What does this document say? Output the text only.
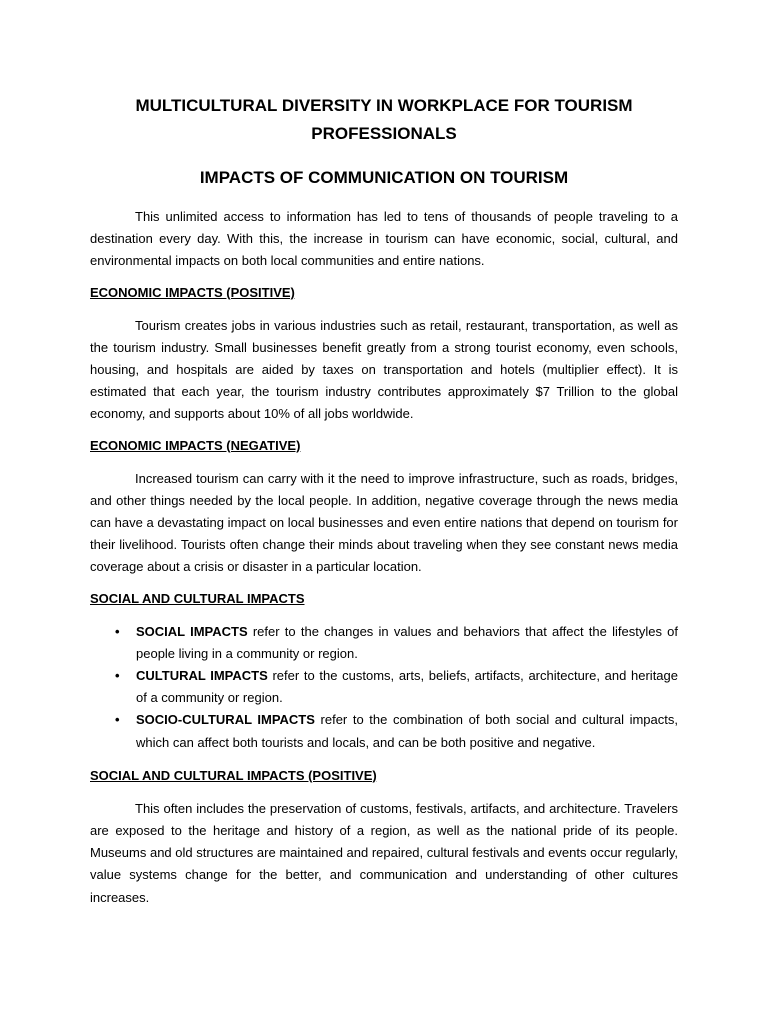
MULTICULTURAL DIVERSITY IN WORKPLACE FOR TOURISM
PROFESSIONALS
IMPACTS OF COMMUNICATION ON TOURISM

This unlimited access to information has led to tens of thousands of people traveling to a destination every day. With this, the increase in tourism can have economic, social, cultural, and environmental impacts on both local communities and entire nations.

ECONOMIC IMPACTS (POSITIVE)

Tourism creates jobs in various industries such as retail, restaurant, transportation, as well as the tourism industry. Small businesses benefit greatly from a strong tourist economy, even schools, housing, and hospitals are aided by taxes on transportation and hotels (multiplier effect). It is estimated that each year, the tourism industry contributes approximately $7 Trillion to the global economy, and supports about 10% of all jobs worldwide.

ECONOMIC IMPACTS (NEGATIVE)

Increased tourism can carry with it the need to improve infrastructure, such as roads, bridges, and other things needed by the local people. In addition, negative coverage through the news media can have a devastating impact on local businesses and even entire nations that depend on tourism for their livelihood. Tourists often change their minds about traveling when they see constant news media coverage about a crisis or disaster in a particular location.

SOCIAL AND CULTURAL IMPACTS
• SOCIAL IMPACTS refer to the changes in values and behaviors that affect the lifestyles of people living in a community or region.
• CULTURAL IMPACTS refer to the customs, arts, beliefs, artifacts, architecture, and heritage of a community or region.
• SOCIO-CULTURAL IMPACTS refer to the combination of both social and cultural impacts, which can affect both tourists and locals, and can be both positive and negative.
SOCIAL AND CULTURAL IMPACTS (POSITIVE)

This often includes the preservation of customs, festivals, artifacts, and architecture. Travelers are exposed to the heritage and history of a region, as well as the national pride of its people. Museums and old structures are maintained and repaired, cultural festivals and events occur regularly, value systems change for the better, and communication and understanding of other cultures increases.
